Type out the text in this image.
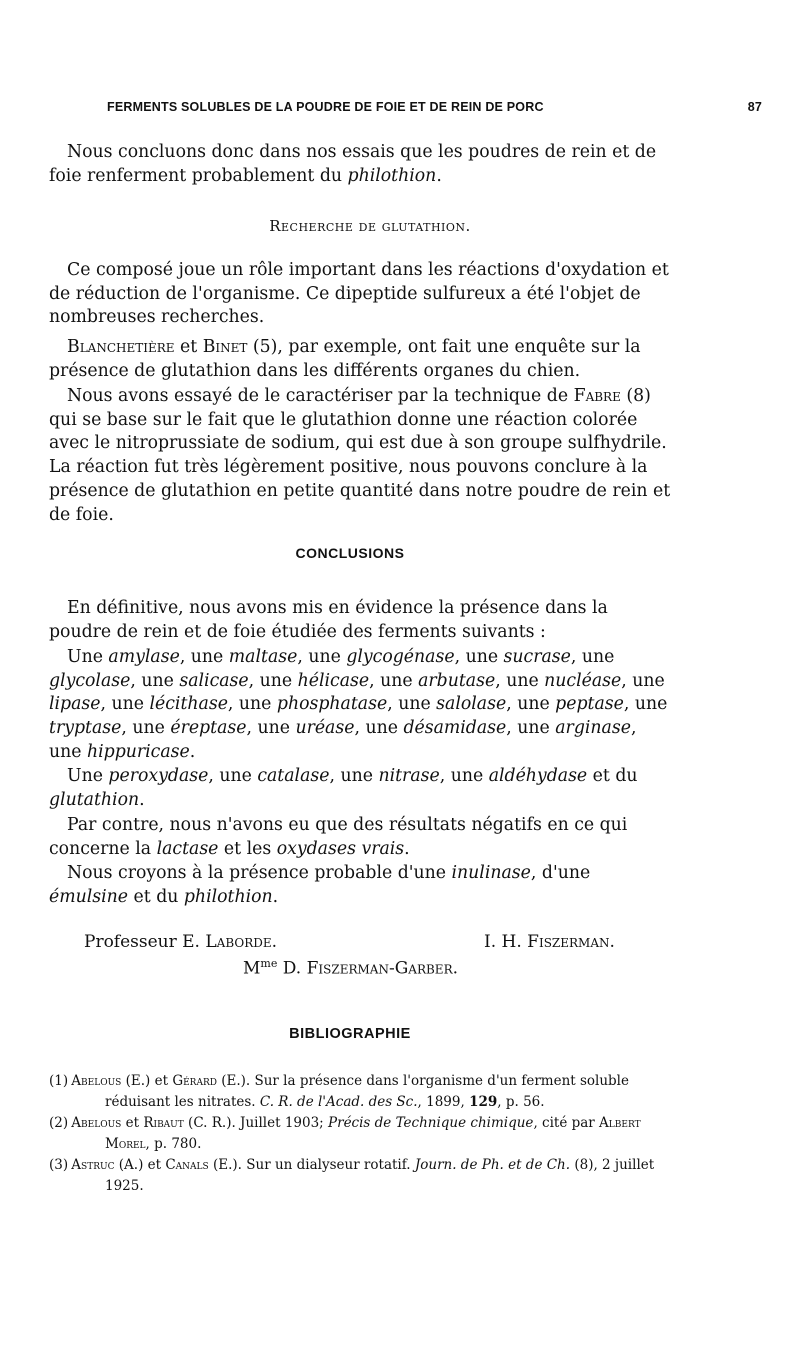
FERMENTS SOLUBLES DE LA POUDRE DE FOIE ET DE REIN DE PORC	87
Nous concluons donc dans nos essais que les poudres de rein et de foie renferment probablement du philothion.
Recherche de glutathion.
Ce composé joue un rôle important dans les réactions d'oxydation et de réduction de l'organisme. Ce dipeptide sulfureux a été l'objet de nombreuses recherches.
Blanchetière et Binet (5), par exemple, ont fait une enquête sur la présence de glutathion dans les différents organes du chien.
Nous avons essayé de le caractériser par la technique de Fabre (8) qui se base sur le fait que le glutathion donne une réaction colorée avec le nitroprussiate de sodium, qui est due à son groupe sulfhydrile. La réaction fut très légèrement positive, nous pouvons conclure à la présence de glutathion en petite quantité dans notre poudre de rein et de foie.
CONCLUSIONS
En définitive, nous avons mis en évidence la présence dans la poudre de rein et de foie étudiée des ferments suivants :
Une amylase, une maltase, une glycogénase, une sucrase, une glycolase, une salicase, une hélicase, une arbutase, une nucléase, une lipase, une lécithase, une phosphatase, une salolase, une peptase, une tryptase, une éreptase, une uréase, une désamidase, une arginase, une hippuricase.
Une peroxydase, une catalase, une nitrase, une aldéhydase et du glutathion.
Par contre, nous n'avons eu que des résultats négatifs en ce qui concerne la lactase et les oxydases vrais.
Nous croyons à la présence probable d'une inulinase, d'une émulsine et du philothion.
Professeur E. Laborde.	I. H. Fiszerman.
$M^{me}$ D. Fiszerman-Garber.
BIBLIOGRAPHIE
(1) Abelous (E.) et Gérard (E.). Sur la présence dans l'organisme d'un ferment soluble réduisant les nitrates. C. R. de l'Acad. des Sc., 1899, 129, p. 56.
(2) Abelous et Ribaut (C. R.). Juillet 1903; Précis de Technique chimique, cité par Albert Morel, p. 780.
(3) Astruc (A.) et Canals (E.). Sur un dialyseur rotatif. Journ. de Ph. et de Ch. (8), 2 juillet 1925.
